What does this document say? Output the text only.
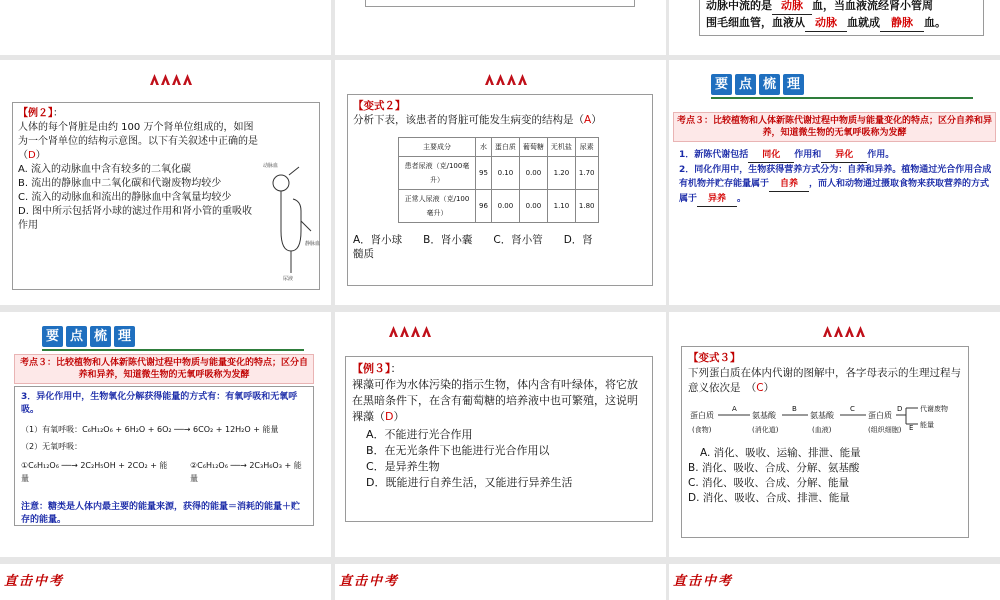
动脉中流的是 动脉 血，当血液流经肾小管周
围毛细血管，血液从 动脉 血就成 静脉 血。
【例２】：
人体的每个肾脏是由约 100 万个肾单位组成的，如图为一个肾单位的结构示意图。以下有关叙述中正确的是（D）
A. 流入的动脉血中含有较多的二氧化碳
B. 流出的静脉血中二氧化碳和代谢废物均较少
C. 流入的动脉血和流出的静脉血中含氧量均较少
D. 图中所示包括肾小球的滤过作用和肾小管的重吸收作用
动脉血
静脉血
尿液
【变式２】
分析下表，该患者的肾脏可能发生病变的结构是（A）
主要成分	水	蛋白质	葡萄糖	无机盐	尿素
患者尿液（克/100毫升）	95	0.10	0.00	1.20	1.70
正常人尿液（克/100毫升）	96	0.00	0.00	1.10	1.80
A．肾小球　　B．肾小囊　　C．肾小管　　D．肾
髓质
要 点 梳 理
考点３：比较植物和人体新陈代谢过程中物质与能量变化的特点；区分自养和异养，知道微生物的无氧呼吸称为发酵
1．新陈代谢包括 同化 作用和 异化 作用。
2．同化作用中，生物获得营养方式分为：自养和异养。植物通过光合作用合成有机物并贮存能量属于 自养 ，而人和动物通过摄取食物来获取营养的方式属于 异养 。
要 点 梳 理
考点３：比较植物和人体新陈代谢过程中物质与能量变化的特点；区分自养和异养，知道微生物的无氧呼吸称为发酵
3．异化作用中，生物氧化分解获得能量的方式有：有氧呼吸和无氧呼吸。
（1）有氧呼吸：C₆H₁₂O₆ + 6H₂O + 6O₂ ──→ 6CO₂ + 12H₂O + 能量
（2）无氧呼吸：
①C₆H₁₂O₆ ──→ 2C₂H₅OH + 2CO₂ + 能量
②C₆H₁₂O₆ ──→ 2C₃H₆O₃ + 能量
注意：糖类是人体内最主要的能量来源，获得的能量＝消耗的能量＋贮存的能量。
【例３】：
裸藻可作为水体污染的指示生物，体内含有叶绿体，将它放在黑暗条件下，在含有葡萄糖的培养液中也可繁殖，这说明裸藻（D）
A．不能进行光合作用
B．在无光条件下也能进行光合作用以
C．是异养生物
D．既能进行自养生活，又能进行异养生活
【变式３】
下列蛋白质在体内代谢的图解中，各字母表示的生理过程与意义依次是　（C）
蛋白质
(食物)
A
氨基酸
(消化道)
B
氨基酸
(血液)
C
蛋白质
(组织细胞)
D	代谢废物
E 能量
A. 消化、吸收、运输、排泄、能量
B. 消化、吸收、合成、分解、氨基酸
C. 消化、吸收、合成、分解、能量
D. 消化、吸收、合成、排泄、能量
直击中考	直击中考	直击中考
